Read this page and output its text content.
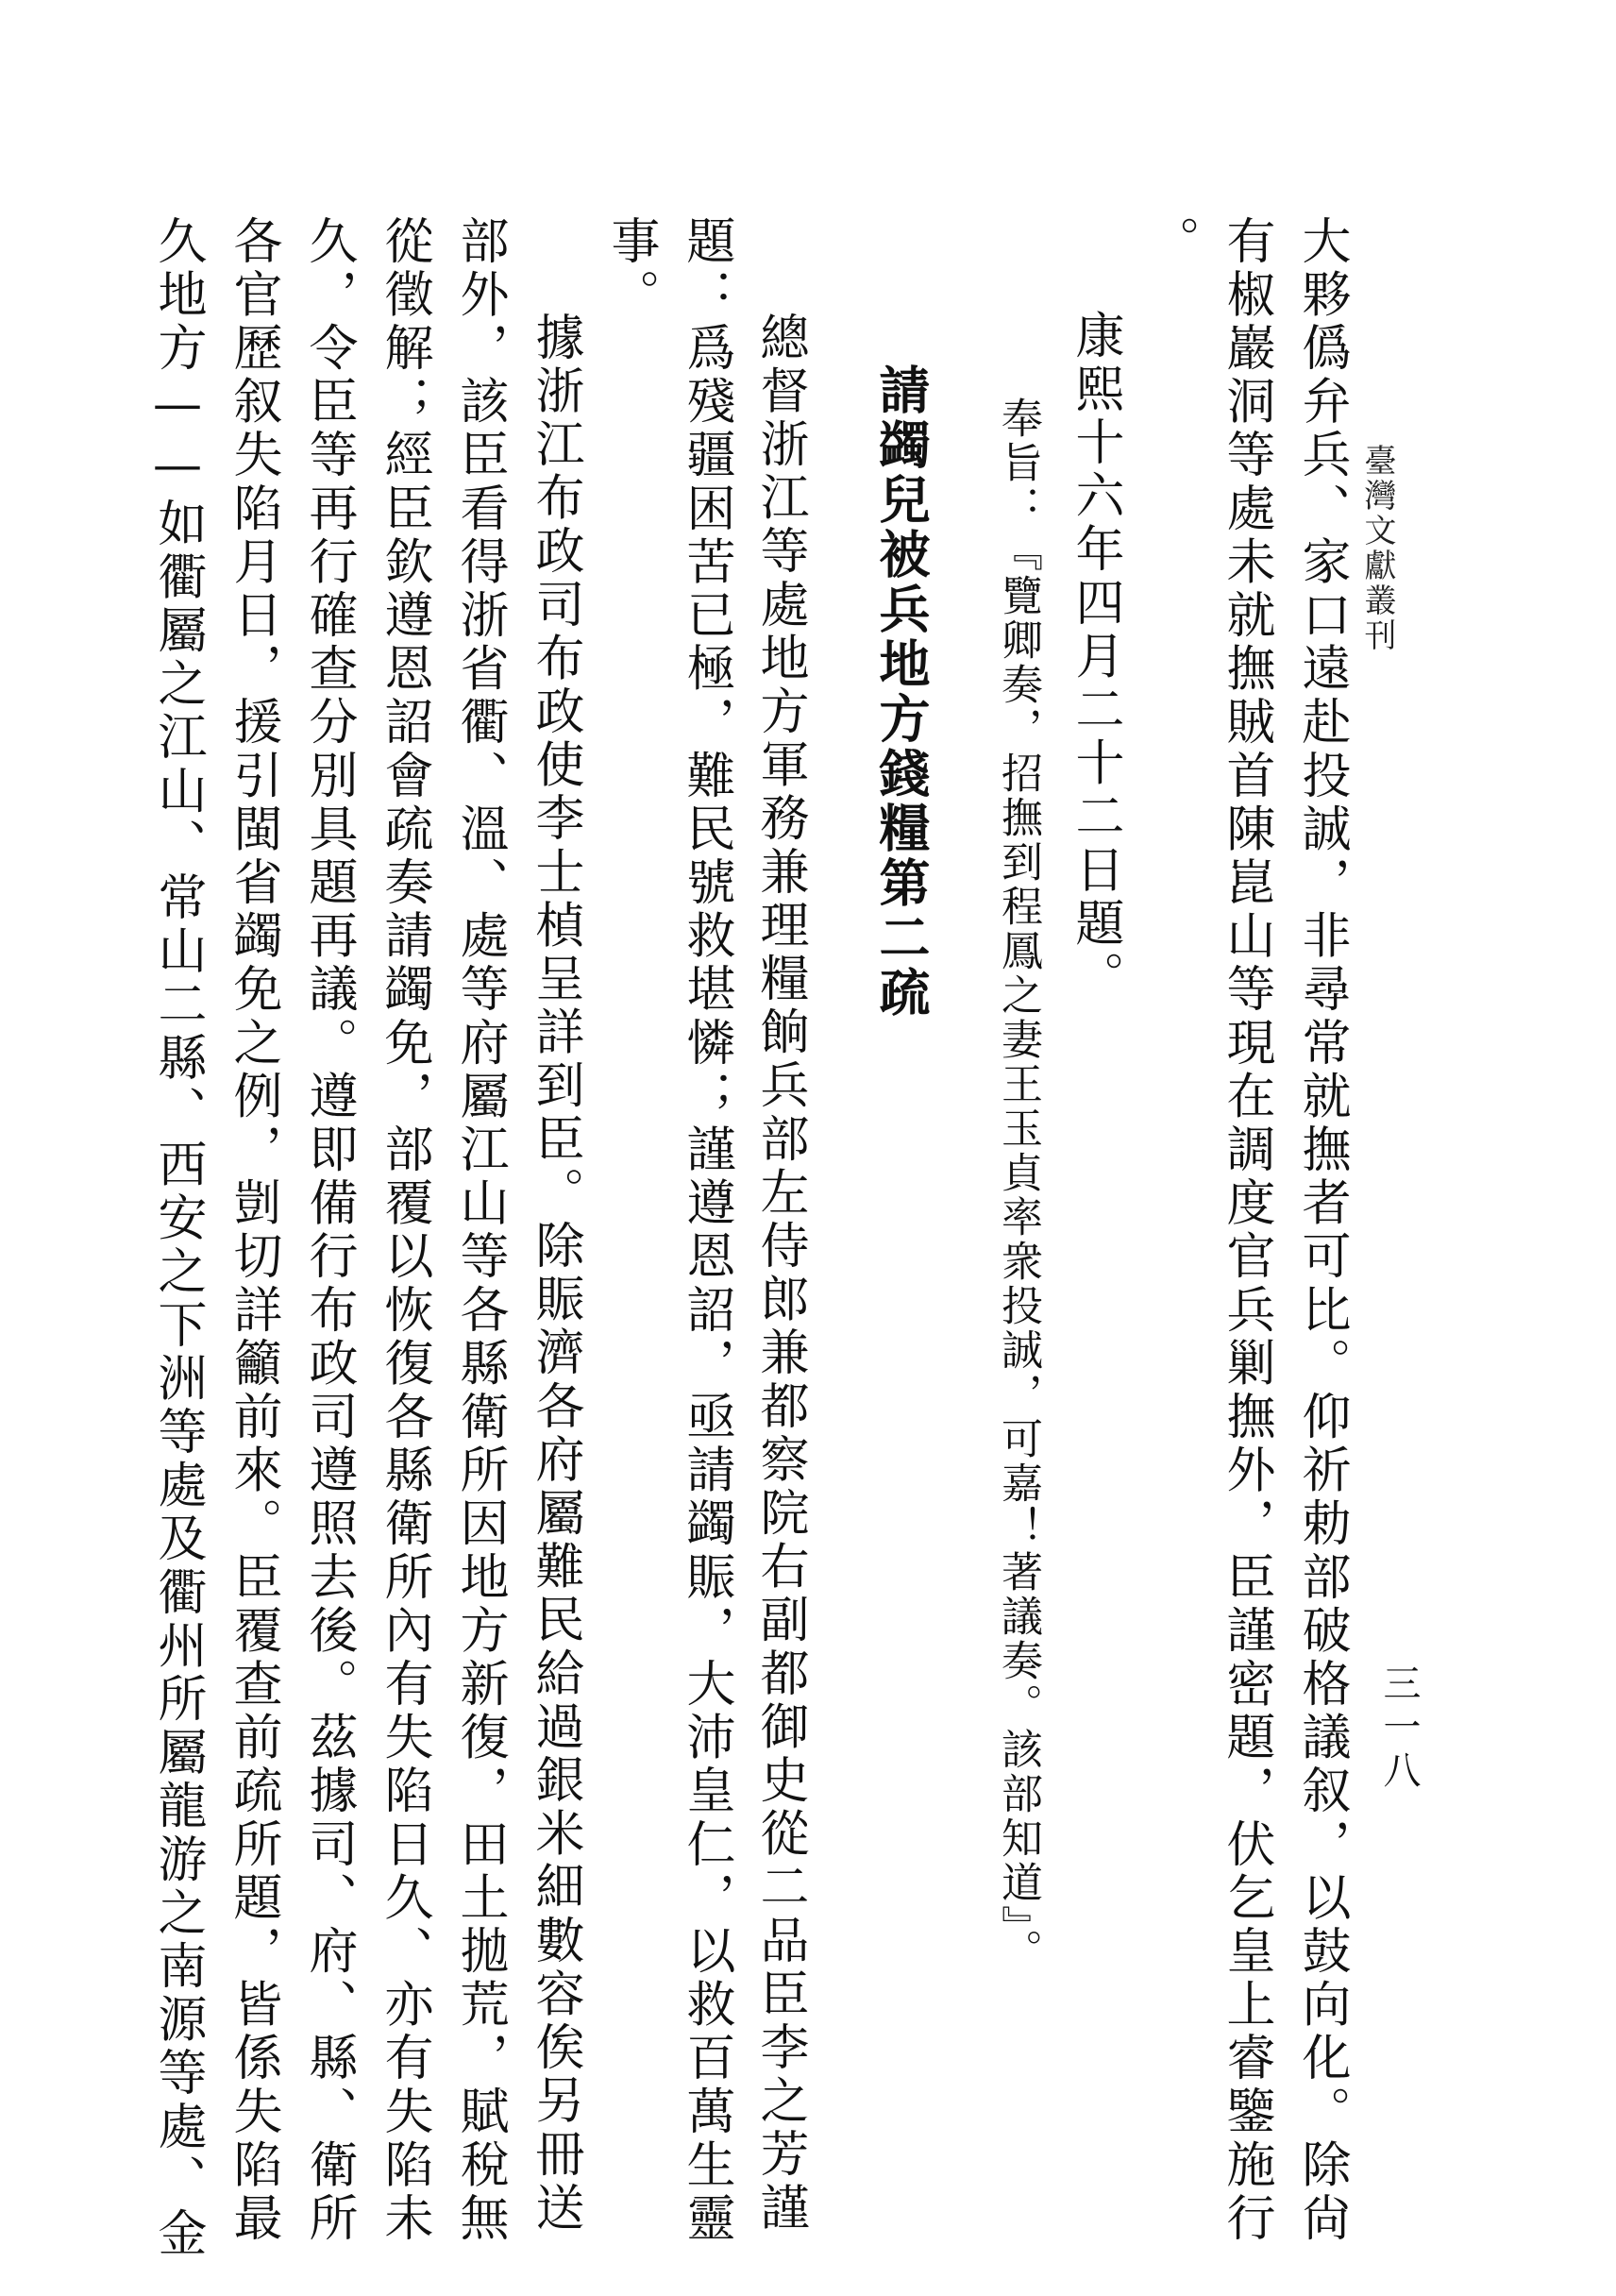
臺灣文獻叢刊
三一八
大夥僞弁兵、家口遠赴投誠，非尋常就撫者可比。仰祈勅部破格議叙，以鼓向化。除尙
有椒巖洞等處未就撫賊首陳崑山等現在調度官兵剿撫外，臣謹密題，伏乞皇上睿鑒施行
。
康熙十六年四月二十二日題。
奉旨：『覽卿奏，招撫到程鳳之妻王玉貞率衆投誠，可嘉！著議奏。該部知道』。
請蠲兒被兵地方錢糧第二疏
總督浙江等處地方軍務兼理糧餉兵部左侍郎兼都察院右副都御史從二品臣李之芳謹
題：爲殘疆困苦已極，難民號救堪憐；謹遵恩詔，亟請蠲賑，大沛皇仁，以救百萬生靈
事。
據浙江布政司布政使李士楨呈詳到臣。除賑濟各府屬難民給過銀米細數容俟另冊送
部外，該臣看得浙省衢、溫、處等府屬江山等各縣衛所因地方新復，田土拋荒，賦稅無
從徵解；經臣欽遵恩詔會疏奏請蠲免，部覆以恢復各縣衛所內有失陷日久、亦有失陷未
久，令臣等再行確查分別具題再議。遵即備行布政司遵照去後。茲據司、府、縣、衛所
各官歷叙失陷月日，援引閩省蠲免之例，剴切詳籲前來。臣覆查前疏所題，皆係失陷最
久地方——如衢屬之江山、常山二縣、西安之下洲等處及衢州所屬龍游之南源等處、金
